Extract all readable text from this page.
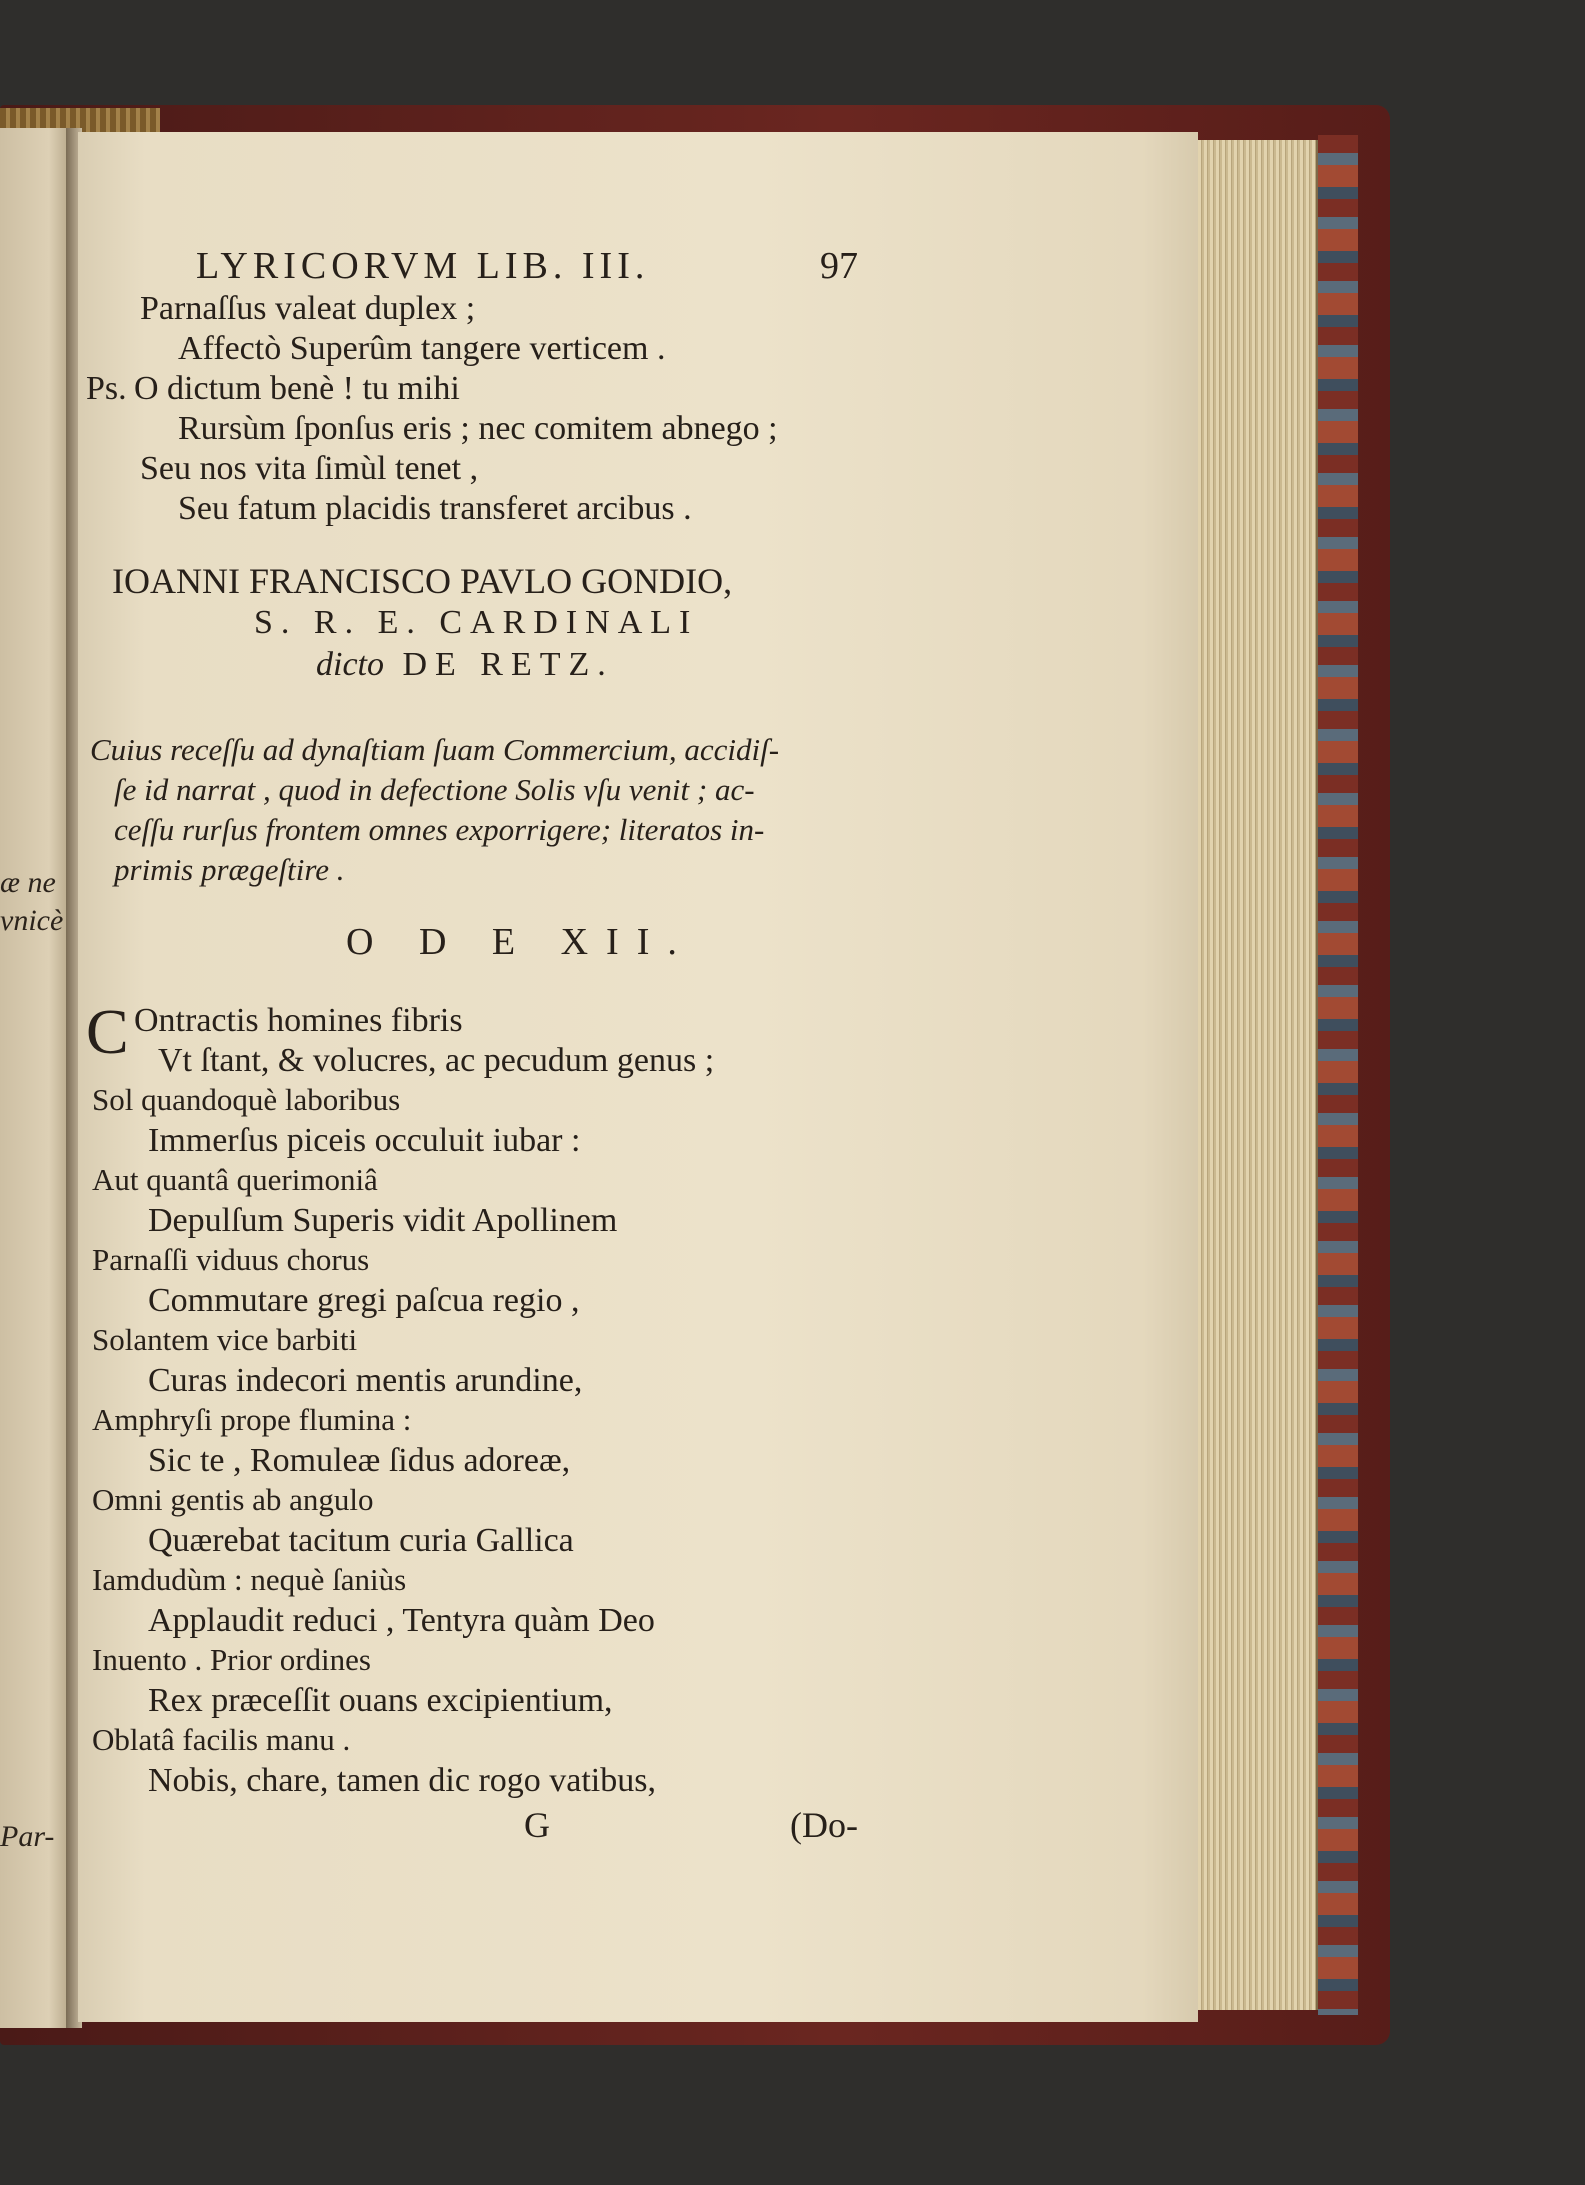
æ ne
vnicè
Par-
LYRICORVM LIB. III.	97
Parnaſſus valeat duplex ;
Affectò Superûm tangere verticem .
Ps. O dictum benè ! tu mihi
Rursùm ſponſus eris ; nec comitem abnego ;
Seu nos vita ſimùl tenet ,
Seu fatum placidis transferet arcibus .
IOANNI FRANCISCO PAVLO GONDIO,
S. R. E. CARDINALI
dicto DE RETZ.
Cuius receſſu ad dynaſtiam ſuam Commercium, accidiſ-
ſe id narrat , quod in defectione Solis vſu venit ; ac-
ceſſu rurſus frontem omnes exporrigere; literatos in-
primis prægeſtire .
O D E XII.
C Ontractis homines fibris
Vt ſtant, & volucres, ac pecudum genus ;
Sol quandoquè laboribus
Immerſus piceis occuluit iubar :
Aut quantâ querimoniâ
Depulſum Superis vidit Apollinem
Parnaſſi viduus chorus
Commutare gregi paſcua regio ,
Solantem vice barbiti
Curas indecori mentis arundine,
Amphryſi prope flumina :
Sic te , Romuleæ ſidus adoreæ,
Omni gentis ab angulo
Quærebat tacitum curia Gallica
Iamdudùm : nequè ſaniùs
Applaudit reduci , Tentyra quàm Deo
Inuento . Prior ordines
Rex præceſſit ouans excipientium,
Oblatâ facilis manu .
Nobis, chare, tamen dic rogo vatibus,
G	(Do-
